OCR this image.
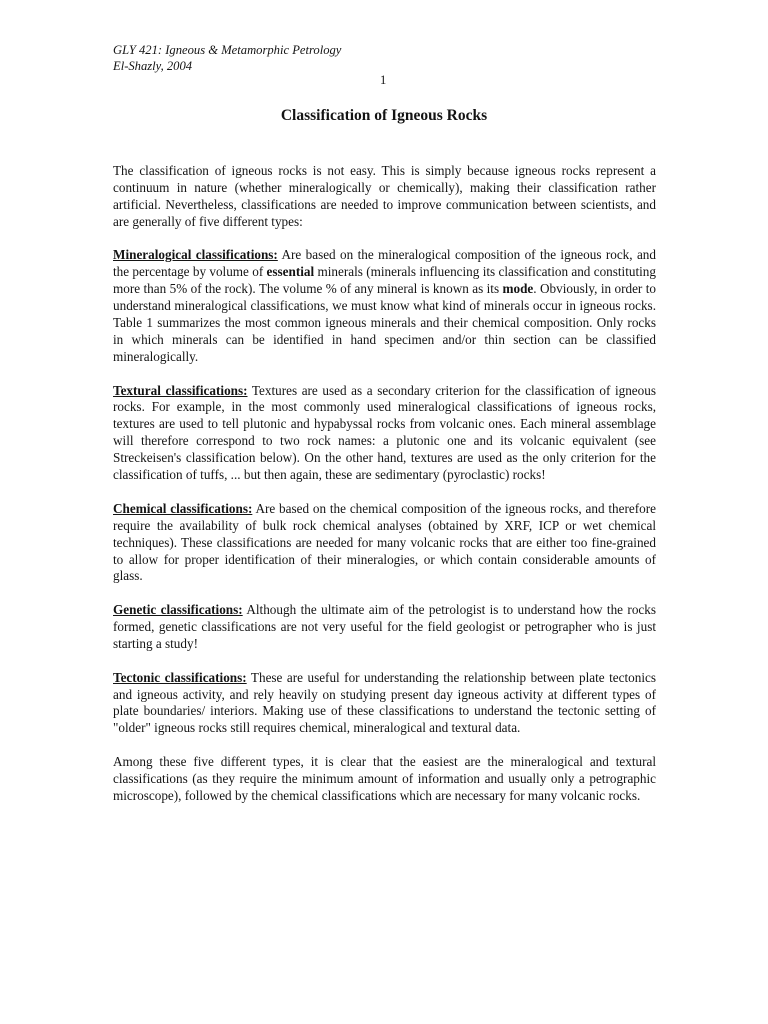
GLY 421: Igneous & Metamorphic Petrology
El-Shazly, 2004
1
Classification of Igneous Rocks

The classification of igneous rocks is not easy. This is simply because igneous rocks represent a continuum in nature (whether mineralogically or chemically), making their classification rather artificial. Nevertheless, classifications are needed to improve communication between scientists, and are generally of five different types:

Mineralogical classifications: Are based on the mineralogical composition of the igneous rock, and the percentage by volume of essential minerals (minerals influencing its classification and constituting more than 5% of the rock). The volume % of any mineral is known as its mode. Obviously, in order to understand mineralogical classifications, we must know what kind of minerals occur in igneous rocks. Table 1 summarizes the most common igneous minerals and their chemical composition. Only rocks in which minerals can be identified in hand specimen and/or thin section can be classified mineralogically.

Textural classifications: Textures are used as a secondary criterion for the classification of igneous rocks. For example, in the most commonly used mineralogical classifications of igneous rocks, textures are used to tell plutonic and hypabyssal rocks from volcanic ones. Each mineral assemblage will therefore correspond to two rock names: a plutonic one and its volcanic equivalent (see Streckeisen's classification below). On the other hand, textures are used as the only criterion for the classification of tuffs, ... but then again, these are sedimentary (pyroclastic) rocks!

Chemical classifications: Are based on the chemical composition of the igneous rocks, and therefore require the availability of bulk rock chemical analyses (obtained by XRF, ICP or wet chemical techniques). These classifications are needed for many volcanic rocks that are either too fine-grained to allow for proper identification of their mineralogies, or which contain considerable amounts of glass.

Genetic classifications: Although the ultimate aim of the petrologist is to understand how the rocks formed, genetic classifications are not very useful for the field geologist or petrographer who is just starting a study!

Tectonic classifications: These are useful for understanding the relationship between plate tectonics and igneous activity, and rely heavily on studying present day igneous activity at different types of plate boundaries/ interiors. Making use of these classifications to understand the tectonic setting of "older" igneous rocks still requires chemical, mineralogical and textural data.

Among these five different types, it is clear that the easiest are the mineralogical and textural classifications (as they require the minimum amount of information and usually only a petrographic microscope), followed by the chemical classifications which are necessary for many volcanic rocks.
